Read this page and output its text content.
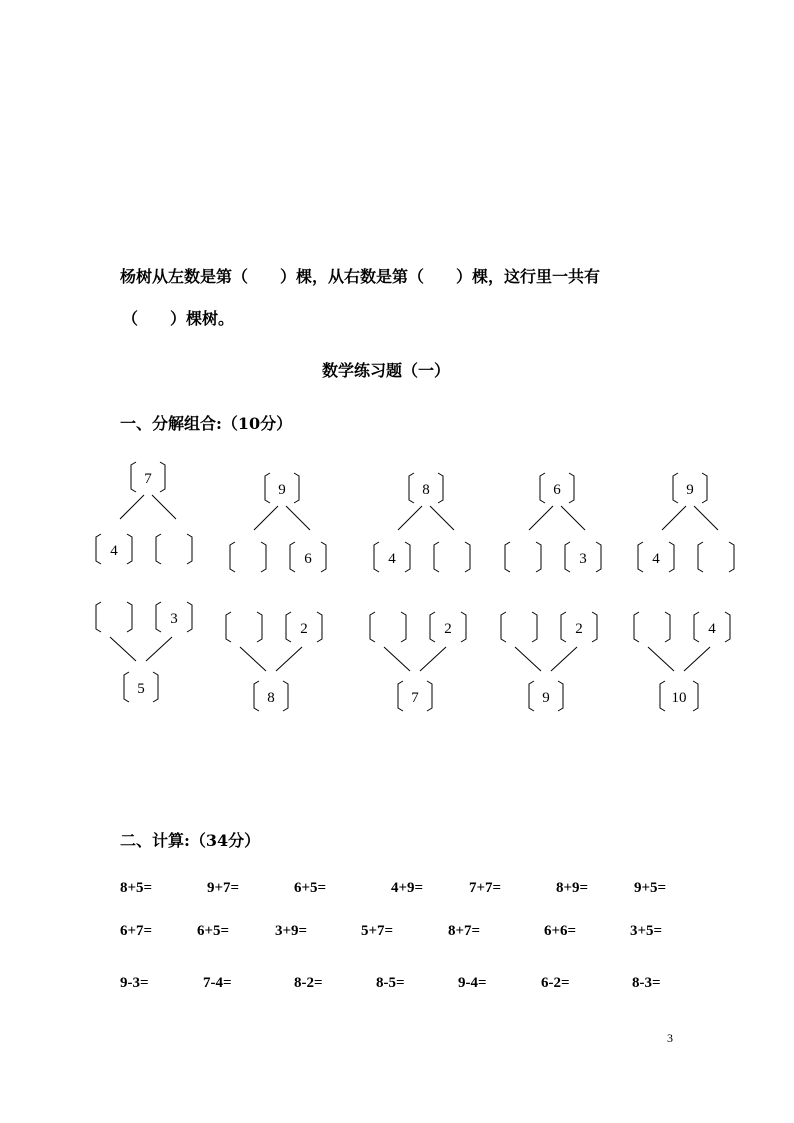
杨树从左数是第（　　）棵，从右数是第（　　）棵，这行里一共有
（　　）棵树。
数学练习题（一）
一、分解组合:（10分）
7
4
9
6
8
4
6
3
9
4
3
5
2
8
2
7
2
9
4
10
二、计算:（34分）
8+5=	9+7=	6+5=	4+9=	7+7=	8+9=	9+5=
6+7=	6+5=	3+9=	5+7=	8+7=	6+6=	3+5=
9-3=	7-4=	8-2=	8-5=	9-4=	6-2=	8-3=
3
